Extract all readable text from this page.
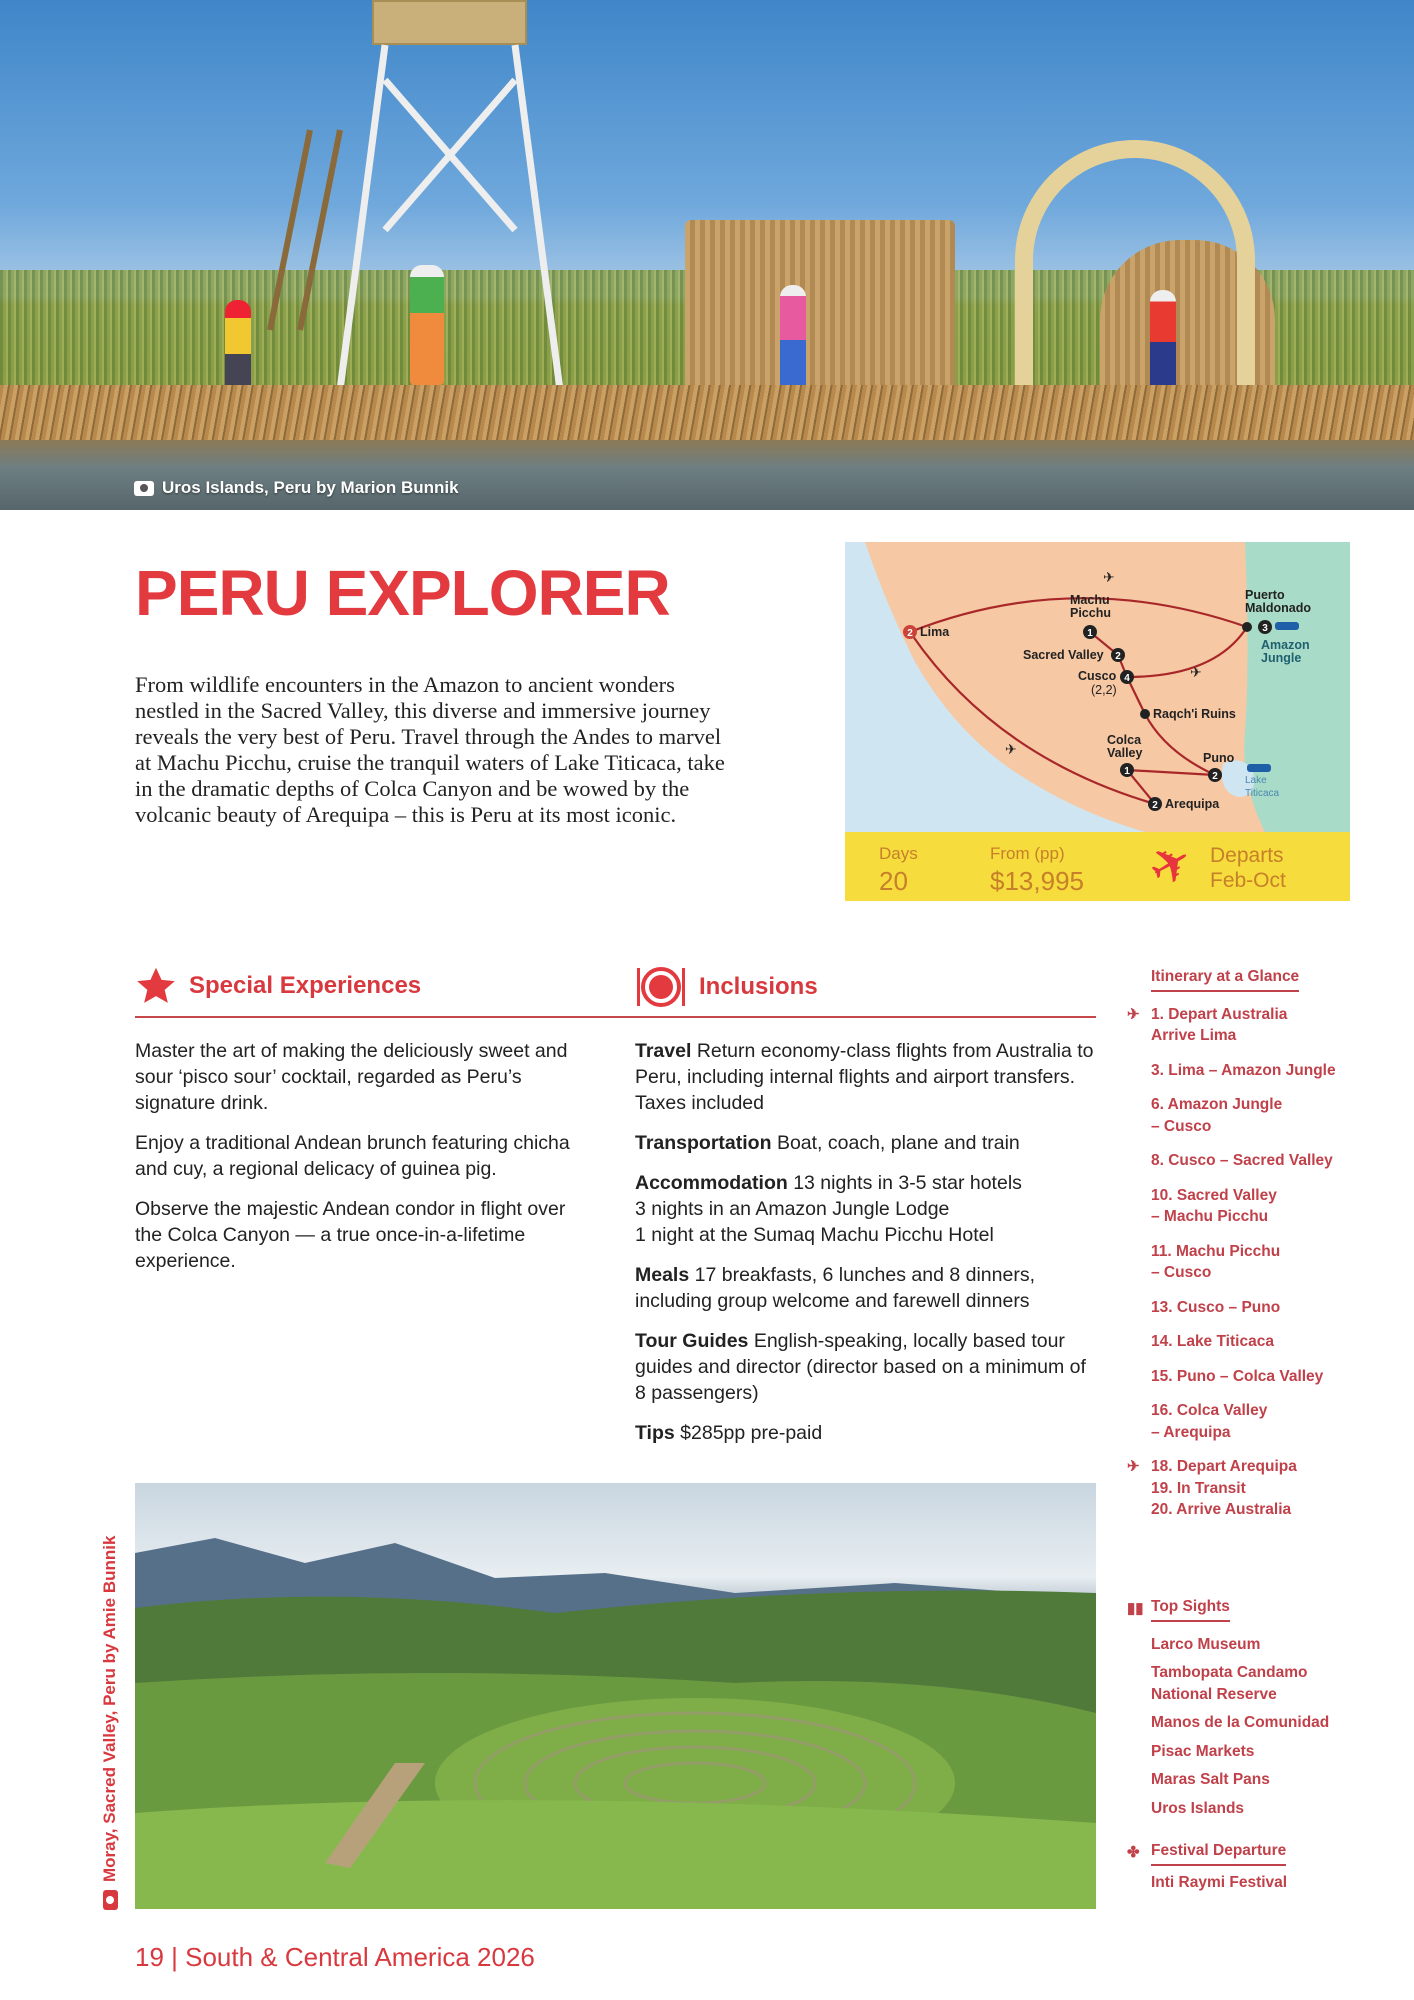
Uros Islands, Peru by Marion Bunnik
PERU EXPLORER

From wildlife encounters in the Amazon to ancient wonders nestled in the Sacred Valley, this diverse and immersive journey reveals the very best of Peru. Travel through the Andes to marvel at Machu Picchu, cruise the tranquil waters of Lake Titicaca, take in the dramatic depths of Colca Canyon and be wowed by the volcanic beauty of Arequipa – this is Peru at its most iconic.

✈
✈
✈
2	1
2
4
3
1	2
2
Lima
Machu Picchu
Sacred Valley
Cusco
(2,2)
Puerto Maldonado
Amazon Jungle
Raqch'i Ruins
Colca Valley	Puno
Lake Titicaca
Arequipa
Days
20
From (pp)
$13,995 ✈ Departs
Feb-Oct
Special Experiences	Inclusions

Master the art of making the deliciously sweet and sour ‘pisco sour’ cocktail, regarded as Peru’s signature drink.

Enjoy a traditional Andean brunch featuring chicha and cuy, a regional delicacy of guinea pig.

Observe the majestic Andean condor in flight over the Colca Canyon — a true once-in-a-lifetime experience.

Travel Return economy-class flights from Australia to Peru, including internal flights and airport transfers. Taxes included

Transportation Boat, coach, plane and train

Accommodation 13 nights in 3-5 star hotels
3 nights in an Amazon Jungle Lodge
1 night at the Sumaq Machu Picchu Hotel

Meals 17 breakfasts, 6 lunches and 8 dinners, including group welcome and farewell dinners

Tour Guides English-speaking, locally based tour guides and director (director based on a minimum of 8 passengers)

Tips $285pp pre-paid

Itinerary at a Glance
✈ 1. Depart Australia
Arrive Lima
3. Lima – Amazon Jungle
6. Amazon Jungle
– Cusco
8. Cusco – Sacred Valley
10. Sacred Valley
– Machu Picchu
11. Machu Picchu
– Cusco
13. Cusco – Puno
14. Lake Titicaca
15. Puno – Colca Valley
16. Colca Valley
– Arequipa
✈ 18. Depart Arequipa
19. In Transit
20. Arrive Australia
▮▮ Top Sights
Larco Museum
Tambopata Candamo
National Reserve
Manos de la Comunidad
Pisac Markets
Maras Salt Pans
Uros Islands
✤ Festival Departure
Inti Raymi Festival
Moray, Sacred Valley, Peru by Amie Bunnik
19 | South & Central America 2026
